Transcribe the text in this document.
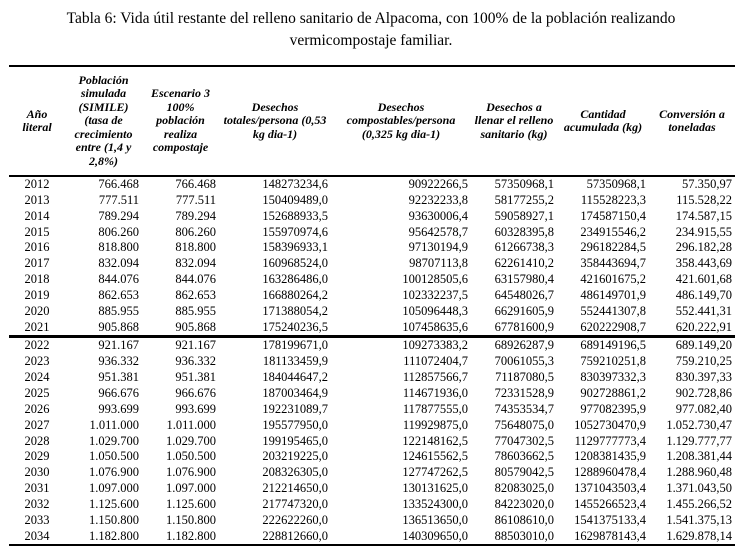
Tabla 6: Vida útil restante del relleno sanitario de Alpacoma, con 100% de la población realizando
vermicompostaje familiar.
Año literal	Población simulada (SIMILE) (tasa de crecimiento entre (1,4 y 2,8%)	Escenario 3 100% población realiza compostaje	Desechos totales/persona (0,53 kg dia-1)	Desechos compostables/persona (0,325 kg dia-1)	Desechos a llenar el relleno sanitario (kg)	Cantidad acumulada (kg)	Conversión a toneladas
2012	766.468	766.468	148273234,6	90922266,5	57350968,1	57350968,1	57.350,97
2013	777.511	777.511	150409489,0	92232233,8	58177255,2	115528223,3	115.528,22
2014	789.294	789.294	152688933,5	93630006,4	59058927,1	174587150,4	174.587,15
2015	806.260	806.260	155970974,6	95642578,7	60328395,8	234915546,2	234.915,55
2016	818.800	818.800	158396933,1	97130194,9	61266738,3	296182284,5	296.182,28
2017	832.094	832.094	160968524,0	98707113,8	62261410,2	358443694,7	358.443,69
2018	844.076	844.076	163286486,0	100128505,6	63157980,4	421601675,2	421.601,68
2019	862.653	862.653	166880264,2	102332237,5	64548026,7	486149701,9	486.149,70
2020	885.955	885.955	171388054,2	105096448,3	66291605,9	552441307,8	552.441,31
2021	905.868	905.868	175240236,5	107458635,6	67781600,9	620222908,7	620.222,91
2022	921.167	921.167	178199671,0	109273383,2	68926287,9	689149196,5	689.149,20
2023	936.332	936.332	181133459,9	111072404,7	70061055,3	759210251,8	759.210,25
2024	951.381	951.381	184044647,2	112857566,7	71187080,5	830397332,3	830.397,33
2025	966.676	966.676	187003464,9	114671936,0	72331528,9	902728861,2	902.728,86
2026	993.699	993.699	192231089,7	117877555,0	74353534,7	977082395,9	977.082,40
2027	1.011.000	1.011.000	195577950,0	119929875,0	75648075,0	1052730470,9	1.052.730,47
2028	1.029.700	1.029.700	199195465,0	122148162,5	77047302,5	1129777773,4	1.129.777,77
2029	1.050.500	1.050.500	203219225,0	124615562,5	78603662,5	1208381435,9	1.208.381,44
2030	1.076.900	1.076.900	208326305,0	127747262,5	80579042,5	1288960478,4	1.288.960,48
2031	1.097.000	1.097.000	212214650,0	130131625,0	82083025,0	1371043503,4	1.371.043,50
2032	1.125.600	1.125.600	217747320,0	133524300,0	84223020,0	1455266523,4	1.455.266,52
2033	1.150.800	1.150.800	222622260,0	136513650,0	86108610,0	1541375133,4	1.541.375,13
2034	1.182.800	1.182.800	228812660,0	140309650,0	88503010,0	1629878143,4	1.629.878,14
